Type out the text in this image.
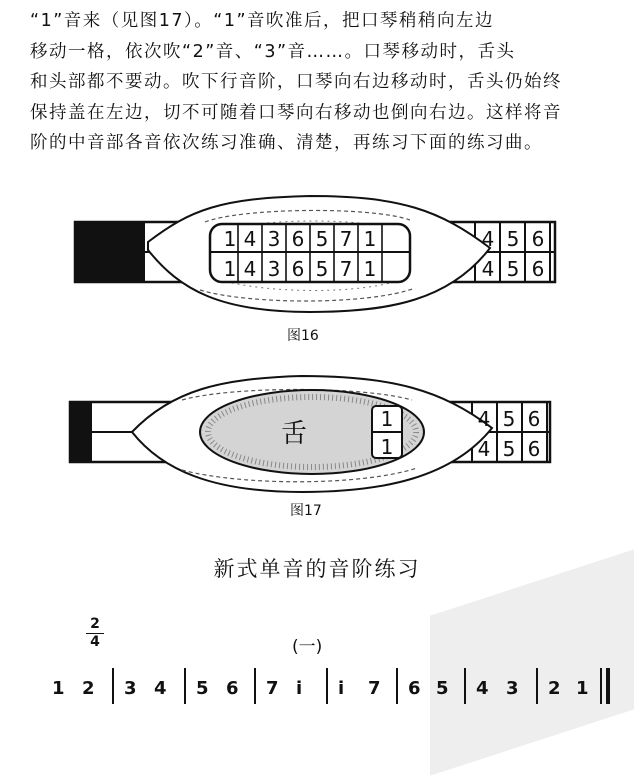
“1”音来（见图17）。“1”音吹准后，把口琴稍稍向左边
移动一格，依次吹“2”音、“3”音……。口琴移动时，舌头
和头部都不要动。吹下行音阶，口琴向右边移动时，舌头仍始终
保持盖在左边，切不可随着口琴向右移动也倒向右边。这样将音
阶的中音部各音依次练习准确、清楚，再练习下面的练习曲。
1 4 3 6 5 7 1
1 4 3 6 5 7 1
4 5 6
4 5 6
图16
舌	1
1
4 5 6
4 5 6
图17
新式单音的音阶练习
2
4	(一)
1 2 3 4 5 6 7 i i 7 6 5 4 3 2 1
